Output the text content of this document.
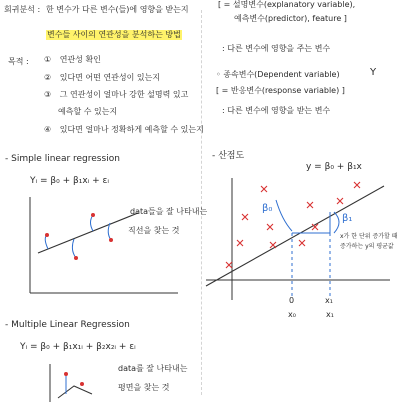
회귀분석 : 한 변수가 다른 변수(들)에 영향을 받는지
변수들 사이의 연관성을 분석하는 방법
목적 : ① 연관성 확인
② 있다면 어떤 연관성이 있는지
③ 그 연관성이 얼마나 강한 설명력 있고
예측할 수 있는지
④ 있다면 얼마나 정확하게 예측할 수 있는지
- Simple linear regression
Yᵢ = β₀ + β₁xᵢ + εᵢ
data들을 잘 나타내는
직선을 찾는 것
- Multiple Linear Regression
Yᵢ = β₀ + β₁x₁ᵢ + β₂x₂ᵢ + εᵢ
data를 잘 나타내는
평면을 찾는 것
[ = 설명변수(explanatory variable),
예측변수(predictor), feature ]
: 다른 변수에 영향을 주는 변수
◦ 종속변수(Dependent variable)	Y
[ = 반응변수(response variable) ]
: 다른 변수에 영향을 받는 변수
- 산점도
y = β₀ + β₁x
β₀
β₁
x가 한 단위 증가할 때
증가하는 y의 평균값
0	x₁
x₀	x₁
